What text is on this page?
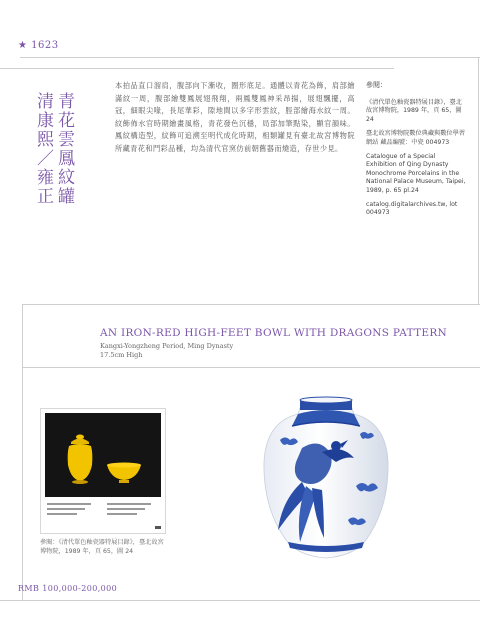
★ 1623
青花雲鳳紋罐 清康熙／雍正
本拍品直口溜肩，腹部向下漸收，圈形底足。通體以青花為飾，肩部繪滿紋一周，腹部繪雙鳳展翅飛翔，兩鳳雙鳳神采昂揚，展翅飄擺，高冠，細眼尖喙，長尾華彩，隙地間以多字形雲紋，脛部繪海水紋一周。紋飾佈水官時期繪畫風格，青花發色沉穩，局部加筆點染，顯官韻味。鳳紋構造型，紋飾可追溯至明代成化時期，相類罐見有臺北故宮博物院所藏青花和鬥彩品種，均為清代官窯仿前朝舊器而燒造，存世少見。
參閱：

《清代單色釉瓷器特展目錄》，臺北故宮博物院，1989 年，頁 65，圖 24

臺北故宮博物院數位典藏與數位學習網站 藏品編號：中瓷 004973

Catalogue of a Special Exhibition of Qing Dynasty Monochrome Porcelains in the National Palace Museum, Taipei, 1989, p. 65 pl.24

catalog.digitalarchives.tw, lot 004973

AN IRON-RED HIGH-FEET BOWL WITH DRAGONS PATTERN
Kangxi-Yongzheng Period, Ming Dynasty
17.5cm High
參閱：《清代單色釉瓷器特展目錄》，臺北故宮博物院，1989 年，頁 65，圖 24
RMB 100,000-200,000
